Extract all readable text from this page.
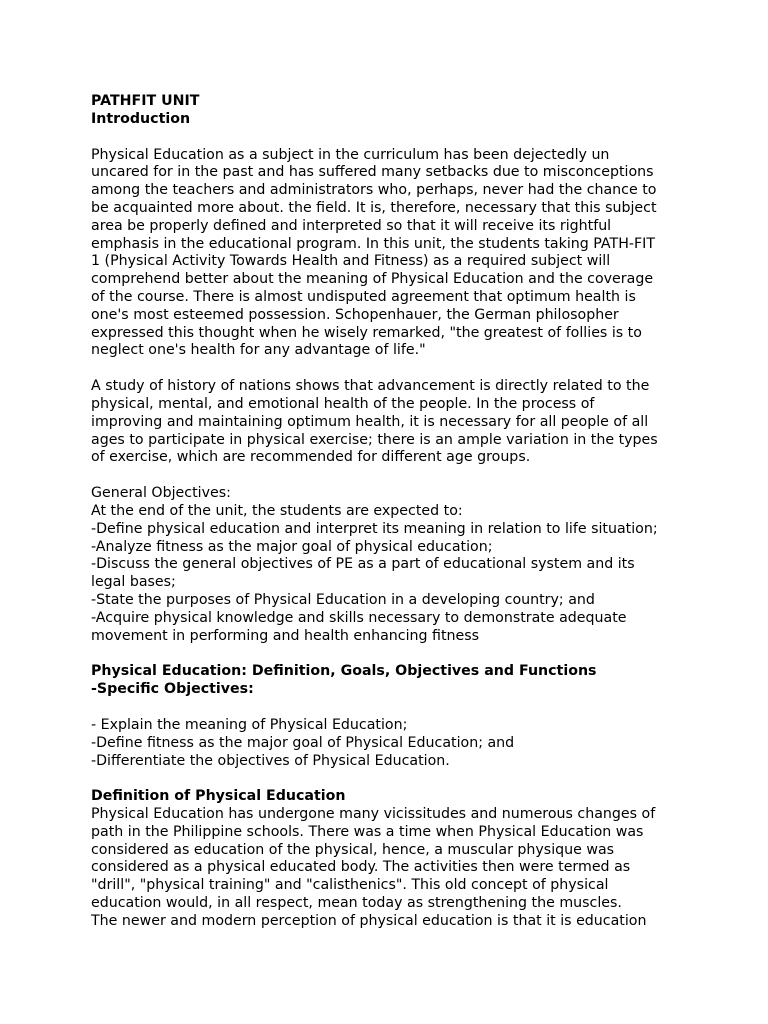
PATHFIT UNIT
Introduction
Physical Education as a subject in the curriculum has been dejectedly un
uncared for in the past and has suffered many setbacks due to misconceptions
among the teachers and administrators who, perhaps, never had the chance to
be acquainted more about. the field. It is, therefore, necessary that this subject
area be properly defined and interpreted so that it will receive its rightful
emphasis in the educational program. In this unit, the students taking PATH-FIT
1 (Physical Activity Towards Health and Fitness) as a required subject will
comprehend better about the meaning of Physical Education and the coverage
of the course. There is almost undisputed agreement that optimum health is
one's most esteemed possession. Schopenhauer, the German philosopher
expressed this thought when he wisely remarked, "the greatest of follies is to
neglect one's health for any advantage of life."
A study of history of nations shows that advancement is directly related to the
physical, mental, and emotional health of the people. In the process of
improving and maintaining optimum health, it is necessary for all people of all
ages to participate in physical exercise; there is an ample variation in the types
of exercise, which are recommended for different age groups.
General Objectives:
At the end of the unit, the students are expected to:
-Define physical education and interpret its meaning in relation to life situation;
-Analyze fitness as the major goal of physical education;
-Discuss the general objectives of PE as a part of educational system and its
legal bases;
-State the purposes of Physical Education in a developing country; and
-Acquire physical knowledge and skills necessary to demonstrate adequate
movement in performing and health enhancing fitness
Physical Education: Definition, Goals, Objectives and Functions
-Specific Objectives:
- Explain the meaning of Physical Education;
-Define fitness as the major goal of Physical Education; and
-Differentiate the objectives of Physical Education.
Definition of Physical Education
Physical Education has undergone many vicissitudes and numerous changes of
path in the Philippine schools. There was a time when Physical Education was
considered as education of the physical, hence, a muscular physique was
considered as a physical educated body. The activities then were termed as
"drill", "physical training" and "calisthenics". This old concept of physical
education would, in all respect, mean today as strengthening the muscles.
The newer and modern perception of physical education is that it is education
